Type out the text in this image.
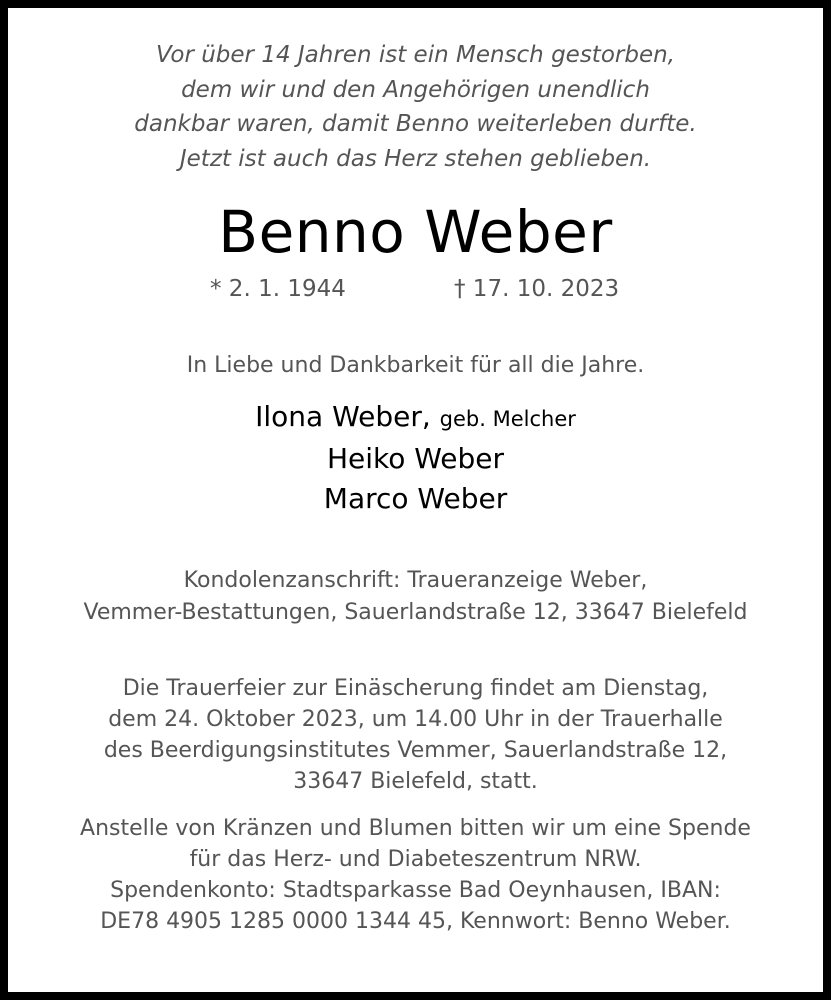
Vor über 14 Jahren ist ein Mensch gestorben,
dem wir und den Angehörigen unendlich
dankbar waren, damit Benno weiterleben durfte.
Jetzt ist auch das Herz stehen geblieben.
Benno Weber
* 2. 1. 1944	† 17. 10. 2023
In Liebe und Dankbarkeit für all die Jahre.
Ilona Weber, geb. Melcher
Heiko Weber
Marco Weber
Kondolenzanschrift: Traueranzeige Weber,
Vemmer-Bestattungen, Sauerlandstraße 12, 33647 Bielefeld
Die Trauerfeier zur Einäscherung findet am Dienstag,
dem 24. Oktober 2023, um 14.00 Uhr in der Trauerhalle
des Beerdigungsinstitutes Vemmer, Sauerlandstraße 12,
33647 Bielefeld, statt.
Anstelle von Kränzen und Blumen bitten wir um eine Spende
für das Herz- und Diabeteszentrum NRW.
Spendenkonto: Stadtsparkasse Bad Oeynhausen, IBAN:
DE78 4905 1285 0000 1344 45, Kennwort: Benno Weber.
